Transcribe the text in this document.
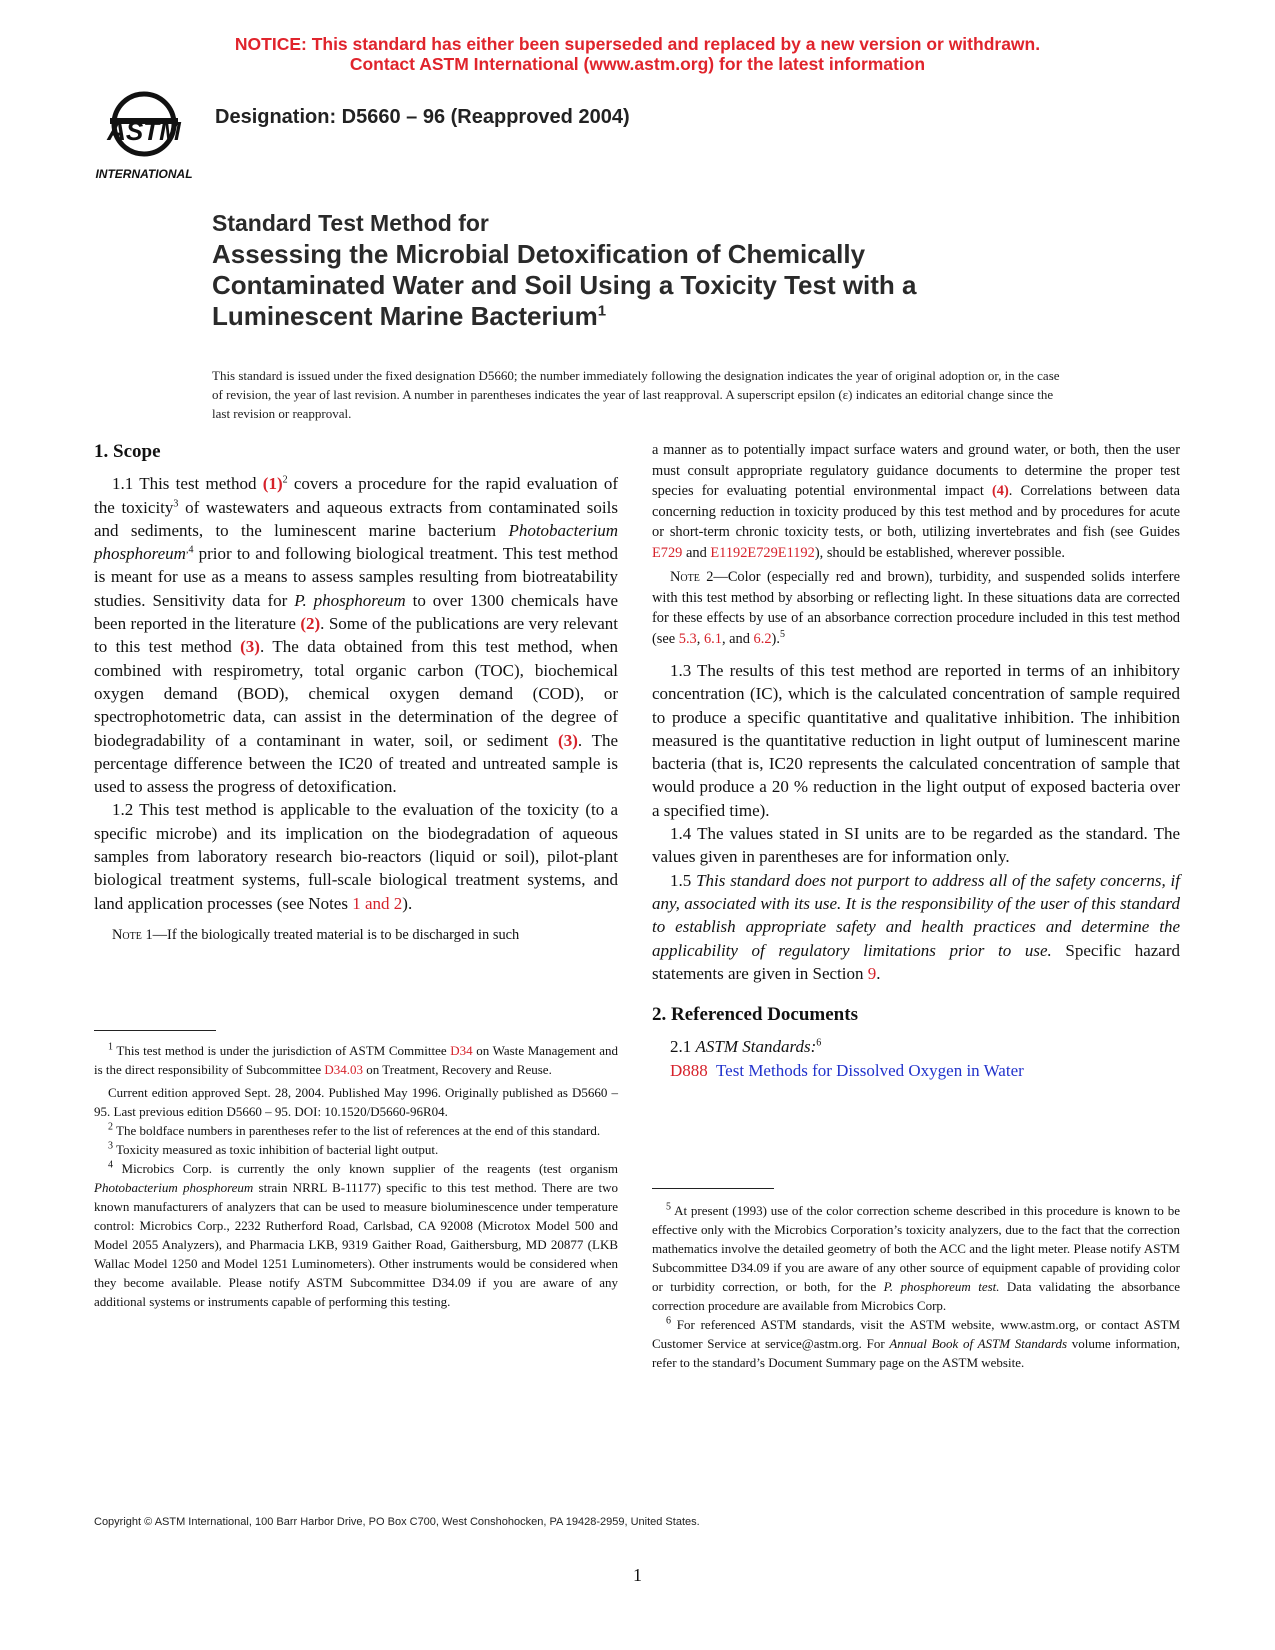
NOTICE: This standard has either been superseded and replaced by a new version or withdrawn.
Contact ASTM International (www.astm.org) for the latest information
ASTM
INTERNATIONAL
Designation: D5660 – 96 (Reapproved 2004)
Standard Test Method for
Assessing the Microbial Detoxification of Chemically
Contaminated Water and Soil Using a Toxicity Test with a
Luminescent Marine Bacterium$^1$
This standard is issued under the fixed designation D5660; the number immediately following the designation indicates the year of original adoption or, in the case of revision, the year of last revision. A number in parentheses indicates the year of last reapproval. A superscript epsilon (ε) indicates an editorial change since the last revision or reapproval.
1. Scope

1.1 This test method $(1)^2$ covers a procedure for the rapid evaluation of the toxicity$^3$ of wastewaters and aqueous extracts from contaminated soils and sediments, to the luminescent marine bacterium Photobacterium phosphoreum$^{,4}$ prior to and following biological treatment. This test method is meant for use as a means to assess samples resulting from biotreatability studies. Sensitivity data for P. phosphoreum to over 1300 chemicals have been reported in the literature (2). Some of the publications are very relevant to this test method (3). The data obtained from this test method, when combined with respirometry, total organic carbon (TOC), biochemical oxygen demand (BOD), chemical oxygen demand (COD), or spectrophotometric data, can assist in the determination of the degree of biodegradability of a contaminant in water, soil, or sediment (3). The percentage difference between the IC20 of treated and untreated sample is used to assess the progress of detoxification.

1.2 This test method is applicable to the evaluation of the toxicity (to a specific microbe) and its implication on the biodegradation of aqueous samples from laboratory research bio-reactors (liquid or soil), pilot-plant biological treatment systems, full-scale biological treatment systems, and land application processes (see Notes 1 and 2).

Note 1—If the biologically treated material is to be discharged in such

$^1$ This test method is under the jurisdiction of ASTM Committee D34 on Waste Management and is the direct responsibility of Subcommittee D34.03 on Treatment, Recovery and Reuse.

Current edition approved Sept. 28, 2004. Published May 1996. Originally published as D5660 – 95. Last previous edition D5660 – 95. DOI: 10.1520/D5660-96R04.

$^2$ The boldface numbers in parentheses refer to the list of references at the end of this standard.

$^3$ Toxicity measured as toxic inhibition of bacterial light output.

$^4$ Microbics Corp. is currently the only known supplier of the reagents (test organism Photobacterium phosphoreum strain NRRL B-11177) specific to this test method. There are two known manufacturers of analyzers that can be used to measure bioluminescence under temperature control: Microbics Corp., 2232 Rutherford Road, Carlsbad, CA 92008 (Microtox Model 500 and Model 2055 Analyzers), and Pharmacia LKB, 9319 Gaither Road, Gaithersburg, MD 20877 (LKB Wallac Model 1250 and Model 1251 Luminometers). Other instruments would be considered when they become available. Please notify ASTM Subcommittee D34.09 if you are aware of any additional systems or instruments capable of performing this testing.

a manner as to potentially impact surface waters and ground water, or both, then the user must consult appropriate regulatory guidance documents to determine the proper test species for evaluating potential environmental impact (4). Correlations between data concerning reduction in toxicity produced by this test method and by procedures for acute or short-term chronic toxicity tests, or both, utilizing invertebrates and fish (see Guides E729 and E1192E729E1192), should be established, wherever possible.

Note 2—Color (especially red and brown), turbidity, and suspended solids interfere with this test method by absorbing or reflecting light. In these situations data are corrected for these effects by use of an absorbance correction procedure included in this test method (see 5.3, 6.1, and 6.2).$^5$

1.3 The results of this test method are reported in terms of an inhibitory concentration (IC), which is the calculated concentration of sample required to produce a specific quantitative and qualitative inhibition. The inhibition measured is the quantitative reduction in light output of luminescent marine bacteria (that is, IC20 represents the calculated concentration of sample that would produce a 20 % reduction in the light output of exposed bacteria over a specified time).

1.4 The values stated in SI units are to be regarded as the standard. The values given in parentheses are for information only.

1.5 This standard does not purport to address all of the safety concerns, if any, associated with its use. It is the responsibility of the user of this standard to establish appropriate safety and health practices and determine the applicability of regulatory limitations prior to use. Specific hazard statements are given in Section 9.

2. Referenced Documents

2.1 ASTM Standards:$^6$

D888 Test Methods for Dissolved Oxygen in Water

$^5$ At present (1993) use of the color correction scheme described in this procedure is known to be effective only with the Microbics Corporation’s toxicity analyzers, due to the fact that the correction mathematics involve the detailed geometry of both the ACC and the light meter. Please notify ASTM Subcommittee D34.09 if you are aware of any other source of equipment capable of providing color or turbidity correction, or both, for the P. phosphoreum test. Data validating the absorbance correction procedure are available from Microbics Corp.

$^6$ For referenced ASTM standards, visit the ASTM website, www.astm.org, or contact ASTM Customer Service at service@astm.org. For Annual Book of ASTM Standards volume information, refer to the standard’s Document Summary page on the ASTM website.

Copyright © ASTM International, 100 Barr Harbor Drive, PO Box C700, West Conshohocken, PA 19428-2959, United States.
1
